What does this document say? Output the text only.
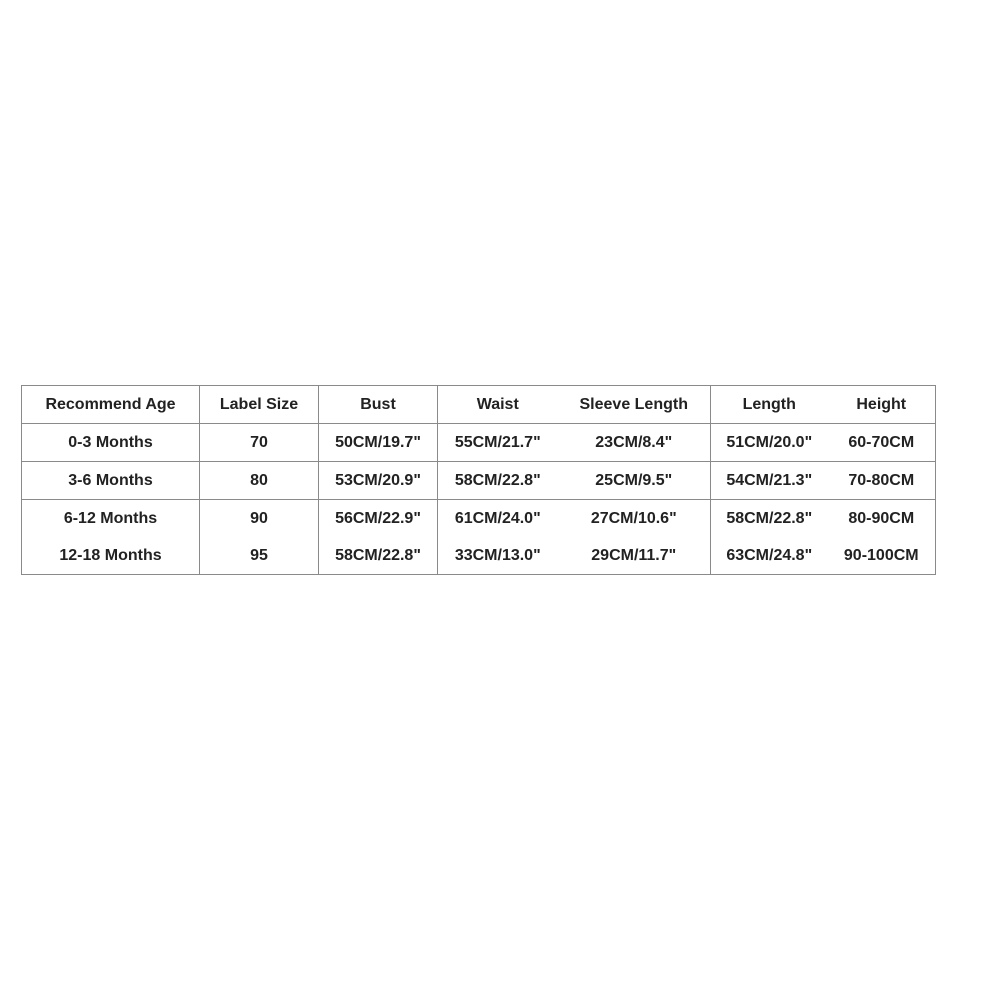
Recommend Age	Label Size	Bust	Waist	Sleeve Length	Length	Height
0-3 Months	70	50CM/19.7"	55CM/21.7"	23CM/8.4"	51CM/20.0"	60-70CM
3-6 Months	80	53CM/20.9"	58CM/22.8"	25CM/9.5"	54CM/21.3"	70-80CM
6-12 Months	90	56CM/22.9"	61CM/24.0"	27CM/10.6"	58CM/22.8"	80-90CM
12-18 Months	95	58CM/22.8"	33CM/13.0"	29CM/11.7"	63CM/24.8"	90-100CM
